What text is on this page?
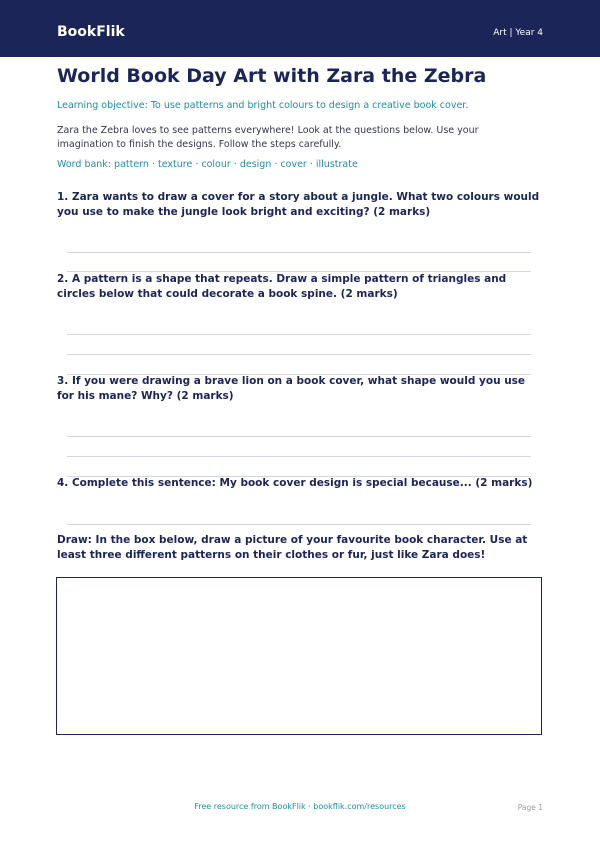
BookFlik	Art | Year 4
World Book Day Art with Zara the Zebra
Learning objective: To use patterns and bright colours to design a creative book cover.
Zara the Zebra loves to see patterns everywhere! Look at the questions below. Use your imagination to finish the designs. Follow the steps carefully.
Word bank: pattern · texture · colour · design · cover · illustrate
1. Zara wants to draw a cover for a story about a jungle. What two colours would you use to make the jungle look bright and exciting? (2 marks)
2. A pattern is a shape that repeats. Draw a simple pattern of triangles and circles below that could decorate a book spine. (2 marks)
3. If you were drawing a brave lion on a book cover, what shape would you use for his mane? Why? (2 marks)
4. Complete this sentence: My book cover design is special because... (2 marks)
Draw: In the box below, draw a picture of your favourite book character. Use at least three different patterns on their clothes or fur, just like Zara does!
Free resource from BookFlik · bookflik.com/resources	Page 1
